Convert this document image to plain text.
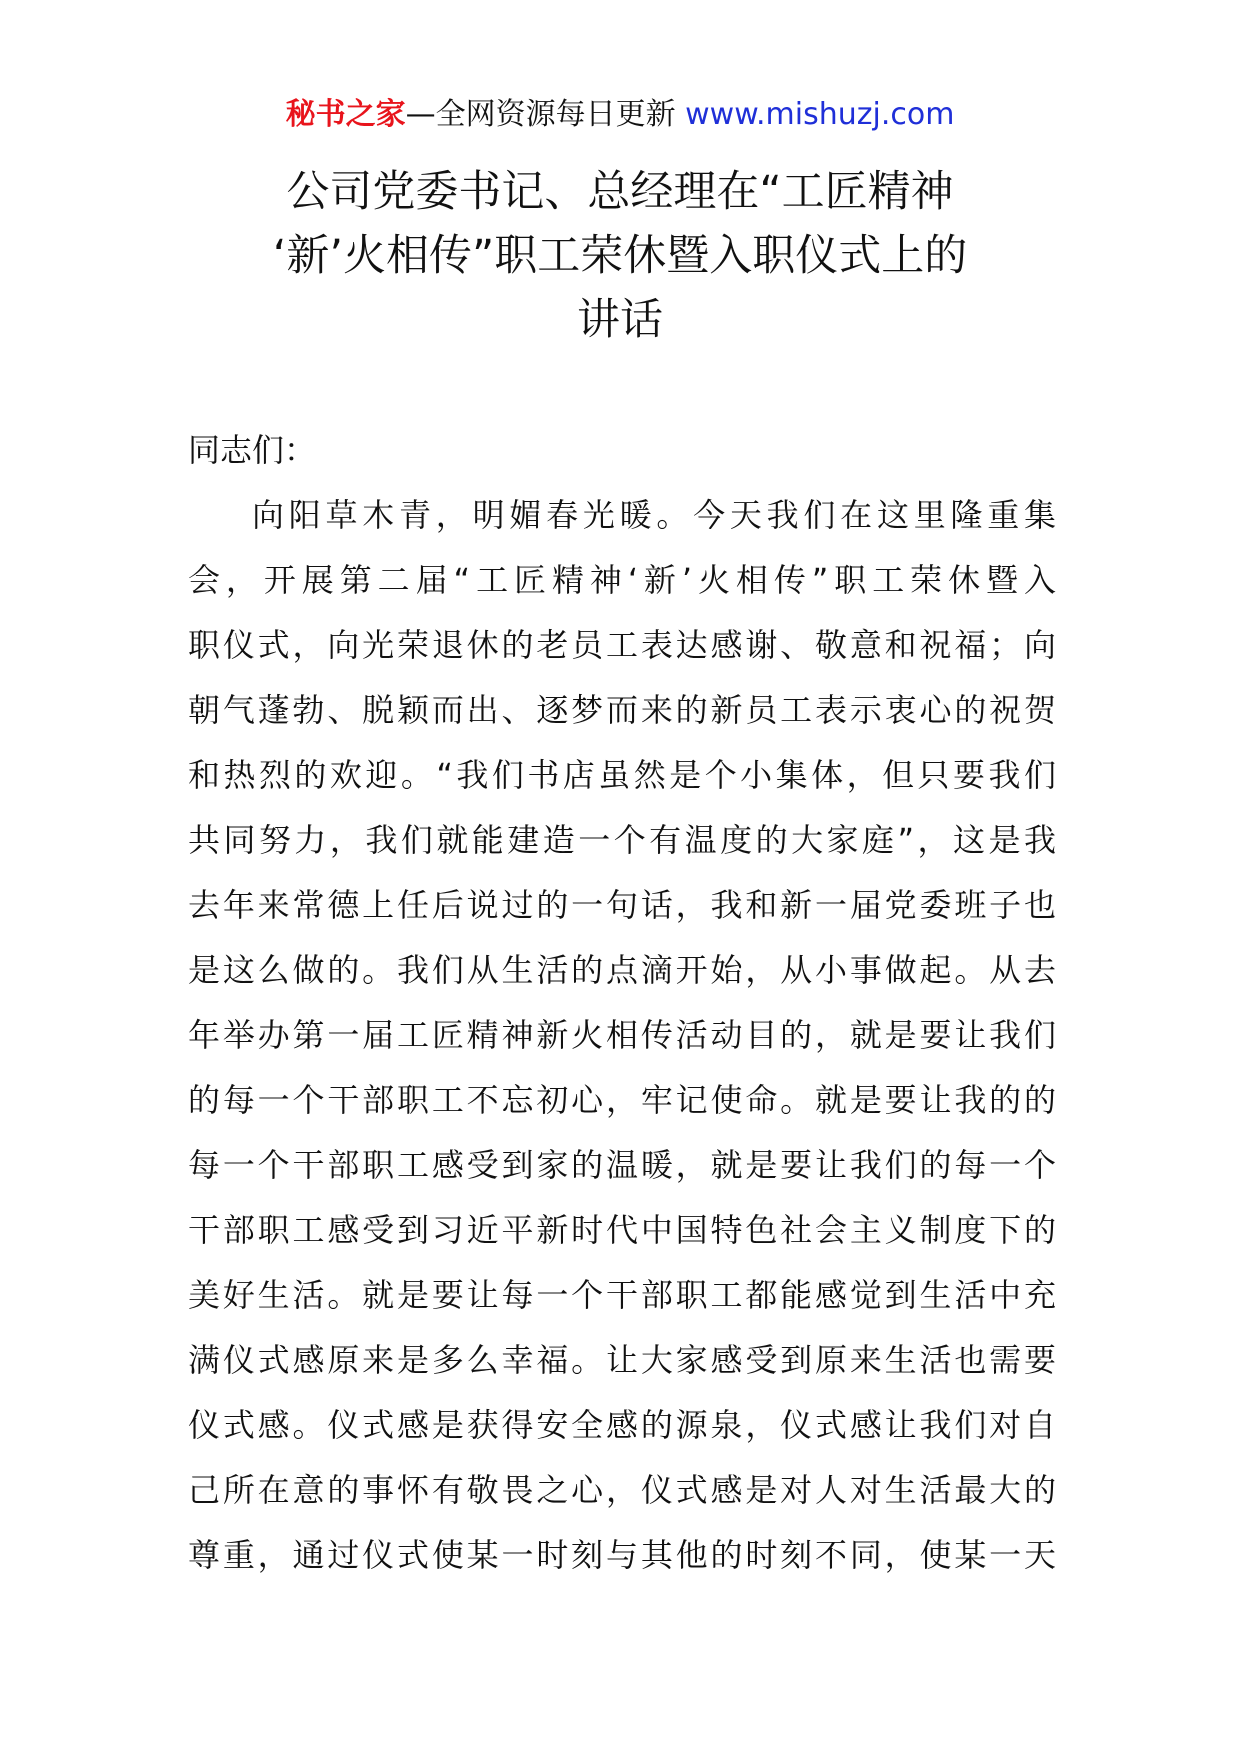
秘书之家—全网资源每日更新 www.mishuzj.com
公司党委书记、总经理在“工匠精神
‘新’火相传”职工荣休暨入职仪式上的
讲话

同志们：

向阳草木青，明媚春光暖。今天我们在这里隆重集
会，开展第二届“工匠精神‘新’火相传”职工荣休暨入
职仪式，向光荣退休的老员工表达感谢、敬意和祝福；向
朝气蓬勃、脱颖而出、逐梦而来的新员工表示衷心的祝贺
和热烈的欢迎。“我们书店虽然是个小集体，但只要我们
共同努力，我们就能建造一个有温度的大家庭”，这是我
去年来常德上任后说过的一句话，我和新一届党委班子也
是这么做的。我们从生活的点滴开始，从小事做起。从去
年举办第一届工匠精神新火相传活动目的，就是要让我们
的每一个干部职工不忘初心，牢记使命。就是要让我的的
每一个干部职工感受到家的温暖，就是要让我们的每一个
干部职工感受到习近平新时代中国特色社会主义制度下的
美好生活。就是要让每一个干部职工都能感觉到生活中充
满仪式感原来是多么幸福。让大家感受到原来生活也需要
仪式感。仪式感是获得安全感的源泉，仪式感让我们对自
己所在意的事怀有敬畏之心，仪式感是对人对生活最大的
尊重，通过仪式使某一时刻与其他的时刻不同，使某一天
